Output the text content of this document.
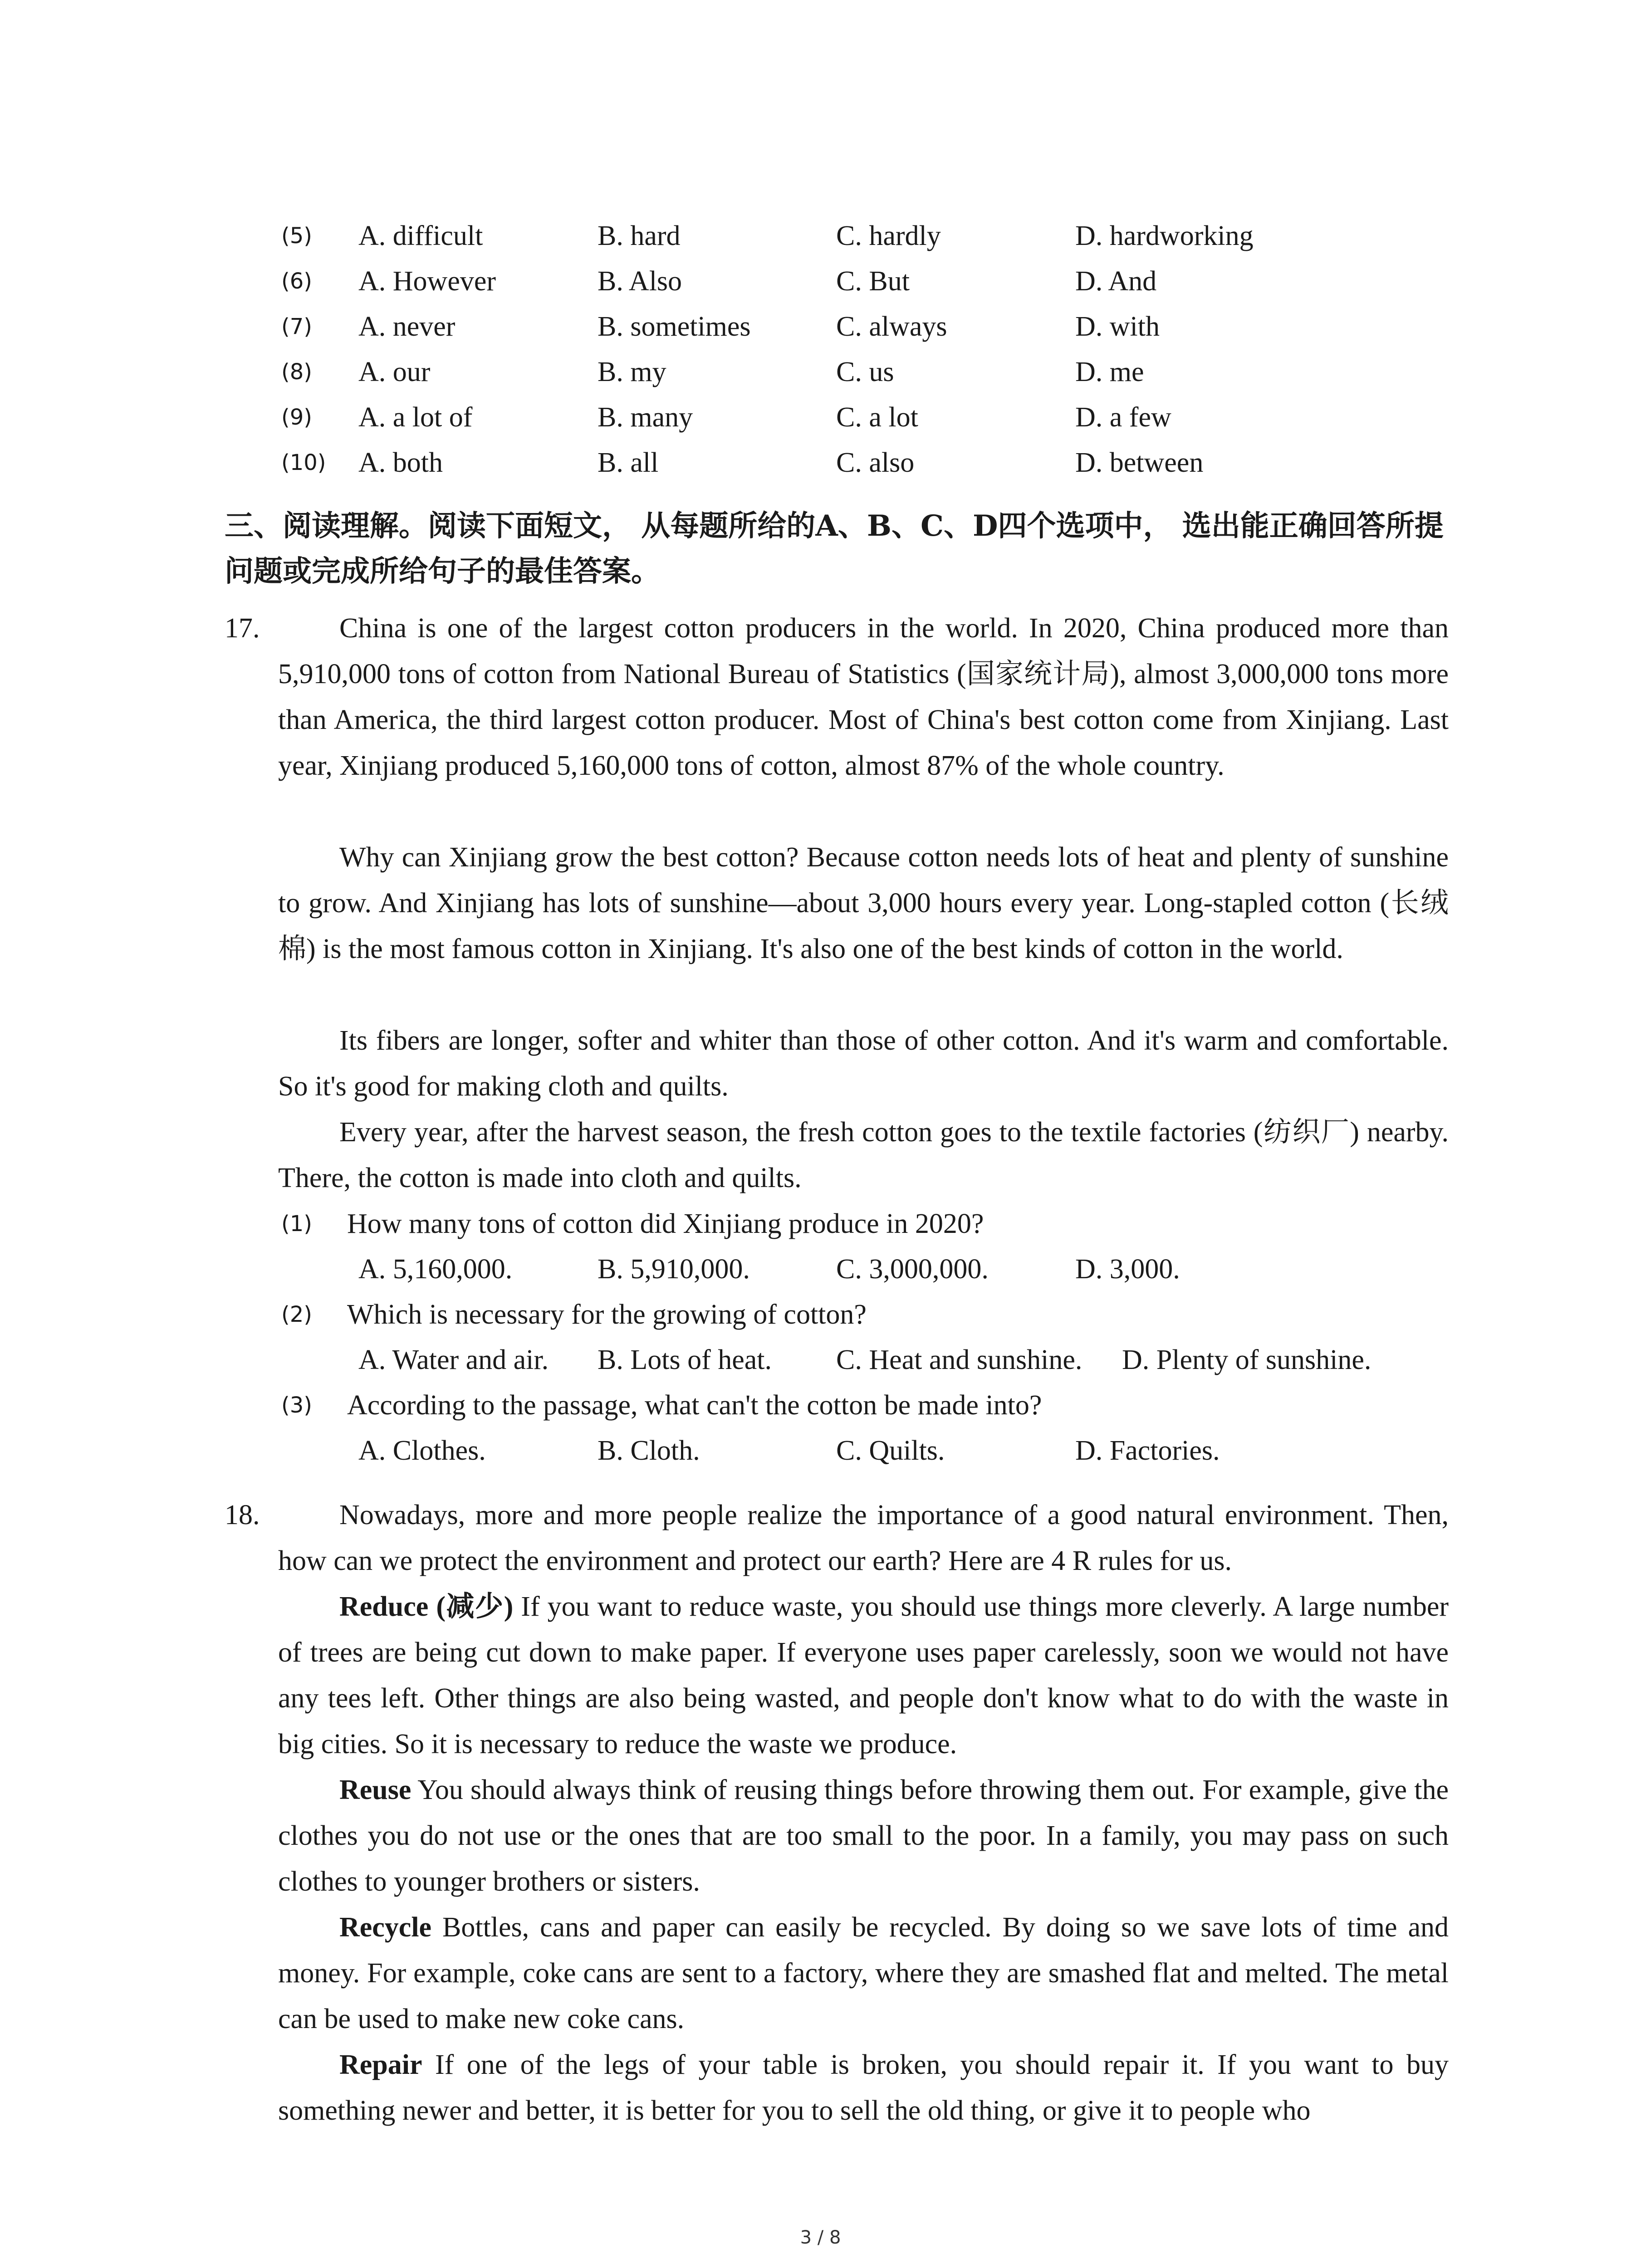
(5) A. difficult	B. hard	C. hardly	D. hardworking
(6) A. However	B. Also	C. But	D. And
(7) A. never	B. sometimes	C. always	D. with
(8) A. our	B. my	C. us	D. me
(9) A. a lot of	B. many	C. a lot	D. a few
(10) A. both	B. all	C. also	D. between
三、阅读理解。阅读下面短文， 从每题所给的A、B、C、D四个选项中， 选出能正确回答所提问题或完成所给句子的最佳答案。
17.	China is one of the largest cotton producers in the world. In 2020, China produced more than 5,910,000 tons of cotton from National Bureau of Statistics (国家统计局), almost 3,000,000 tons more than America, the third largest cotton producer. Most of China's best cotton come from Xinjiang. Last year, Xinjiang produced 5,160,000 tons of cotton, almost 87% of the whole country.
Why can Xinjiang grow the best cotton? Because cotton needs lots of heat and plenty of sunshine to grow. And Xinjiang has lots of sunshine—about 3,000 hours every year. Long-stapled cotton (长绒棉) is the most famous cotton in Xinjiang. It's also one of the best kinds of cotton in the world.
Its fibers are longer, softer and whiter than those of other cotton. And it's warm and comfortable. So it's good for making cloth and quilts.
Every year, after the harvest season, the fresh cotton goes to the textile factories (纺织厂) nearby. There, the cotton is made into cloth and quilts.
(1) How many tons of cotton did Xinjiang produce in 2020?
A. 5,160,000.	B. 5,910,000.	C. 3,000,000.	D. 3,000.
(2) Which is necessary for the growing of cotton?
A. Water and air. B. Lots of heat. C. Heat and sunshine. D. Plenty of sunshine.
(3) According to the passage, what can't the cotton be made into?
A. Clothes.	B. Cloth.	C. Quilts.	D. Factories.
18.	Nowadays, more and more people realize the importance of a good natural environment. Then, how can we protect the environment and protect our earth? Here are 4 R rules for us.
Reduce (减少) If you want to reduce waste, you should use things more cleverly. A large number of trees are being cut down to make paper. If everyone uses paper carelessly, soon we would not have any tees left. Other things are also being wasted, and people don't know what to do with the waste in big cities. So it is necessary to reduce the waste we produce.
Reuse You should always think of reusing things before throwing them out. For example, give the clothes you do not use or the ones that are too small to the poor. In a family, you may pass on such clothes to younger brothers or sisters.
Recycle Bottles, cans and paper can easily be recycled. By doing so we save lots of time and money. For example, coke cans are sent to a factory, where they are smashed flat and melted. The metal can be used to make new coke cans.
Repair If one of the legs of your table is broken, you should repair it. If you want to buy something newer and better, it is better for you to sell the old thing, or give it to people who
3 / 8
